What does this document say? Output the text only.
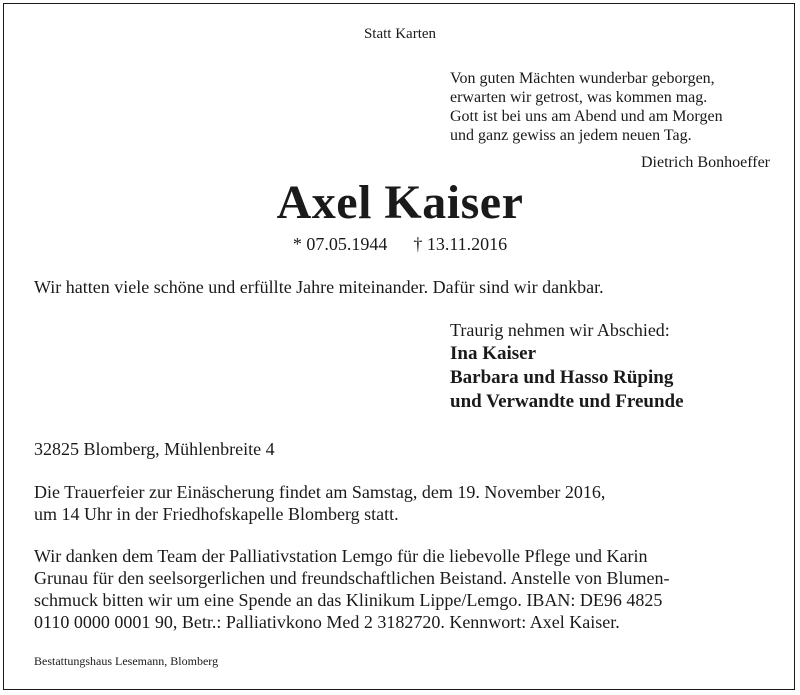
Statt Karten
Von guten Mächten wunderbar geborgen,
erwarten wir getrost, was kommen mag.
Gott ist bei uns am Abend und am Morgen
und ganz gewiss an jedem neuen Tag.
Dietrich Bonhoeffer
Axel Kaiser
* 07.05.1944 † 13.11.2016
Wir hatten viele schöne und erfüllte Jahre miteinander. Dafür sind wir dankbar.
Traurig nehmen wir Abschied:
Ina Kaiser
Barbara und Hasso Rüping
und Verwandte und Freunde
32825 Blomberg, Mühlenbreite 4
Die Trauerfeier zur Einäscherung findet am Samstag, dem 19. November 2016,
um 14 Uhr in der Friedhofskapelle Blomberg statt.
Wir danken dem Team der Palliativstation Lemgo für die liebevolle Pflege und Karin
Grunau für den seelsorgerlichen und freundschaftlichen Beistand. Anstelle von Blumen-
schmuck bitten wir um eine Spende an das Klinikum Lippe/Lemgo. IBAN: DE96 4825
0110 0000 0001 90, Betr.: Palliativkono Med 2 3182720. Kennwort: Axel Kaiser.
Bestattungshaus Lesemann, Blomberg
